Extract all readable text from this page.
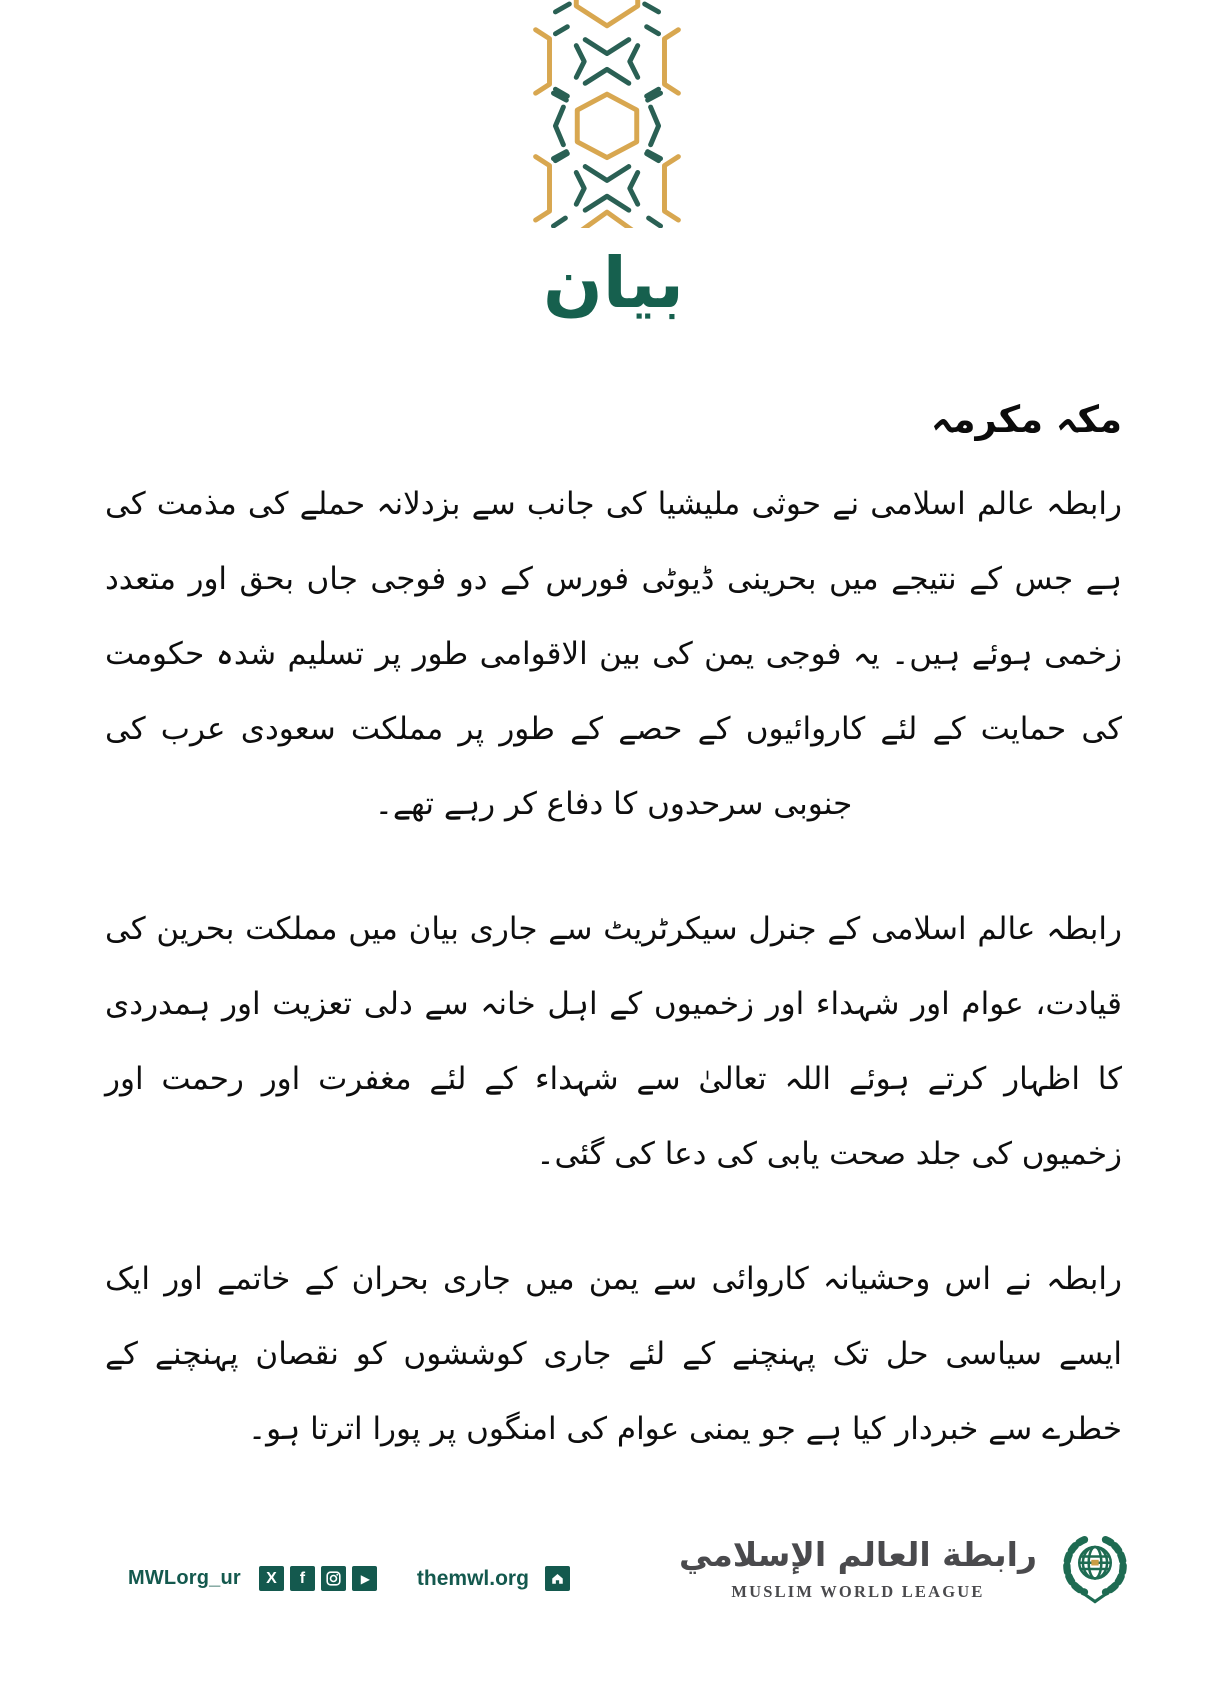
بیان
مکہ مکرمہ

رابطہ عالم اسلامی نے حوثی ملیشیا کی جانب سے بزدلانہ حملے کی مذمت کی ہے جس کے نتیجے میں بحرینی ڈیوٹی فورس کے دو فوجی جاں بحق اور متعدد زخمی ہوئے ہیں۔ یہ فوجی یمن کی بین الاقوامی طور پر تسلیم شدہ حکومت کی حمایت کے لئے کاروائیوں کے حصے کے طور پر مملکت سعودی عرب کی جنوبی سرحدوں کا دفاع کر رہے تھے۔

رابطہ عالم اسلامی کے جنرل سیکرٹریٹ سے جاری بیان میں مملکت بحرین کی قیادت، عوام اور شہداء اور زخمیوں کے اہل خانہ سے دلی تعزیت اور ہمدردی کا اظہار کرتے ہوئے اللہ تعالیٰ سے شہداء کے لئے مغفرت اور رحمت اور زخمیوں کی جلد صحت یابی کی دعا کی گئی۔

رابطہ نے اس وحشیانہ کاروائی سے یمن میں جاری بحران کے خاتمے اور ایک ایسے سیاسی حل تک پہنچنے کے لئے جاری کوششوں کو نقصان پہنچنے کے خطرے سے خبردار کیا ہے جو یمنی عوام کی امنگوں پر پورا اترتا ہو۔

MWLorg_ur	X	f	▶ themwl.org
رابطة العالم الإسلامي
MUSLIM WORLD LEAGUE
